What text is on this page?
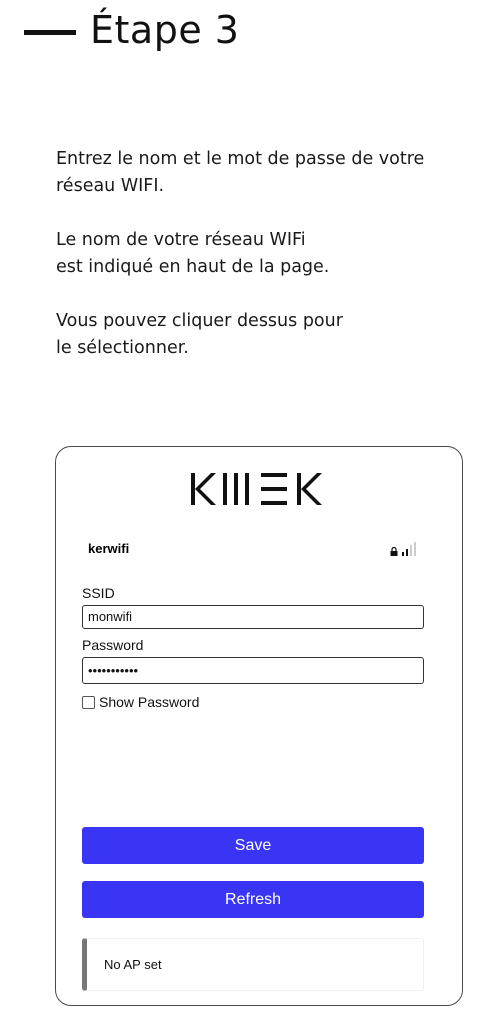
Étape 3

Entrez le nom et le mot de passe de votre
réseau WIFI.

Le nom de votre réseau WIFi
est indiqué en haut de la page.

Vous pouvez cliquer dessus pour
le sélectionner.

kerwifi
SSID
monwifi
Password
•••••••••••
Show Password
Save
Refresh
No AP set
